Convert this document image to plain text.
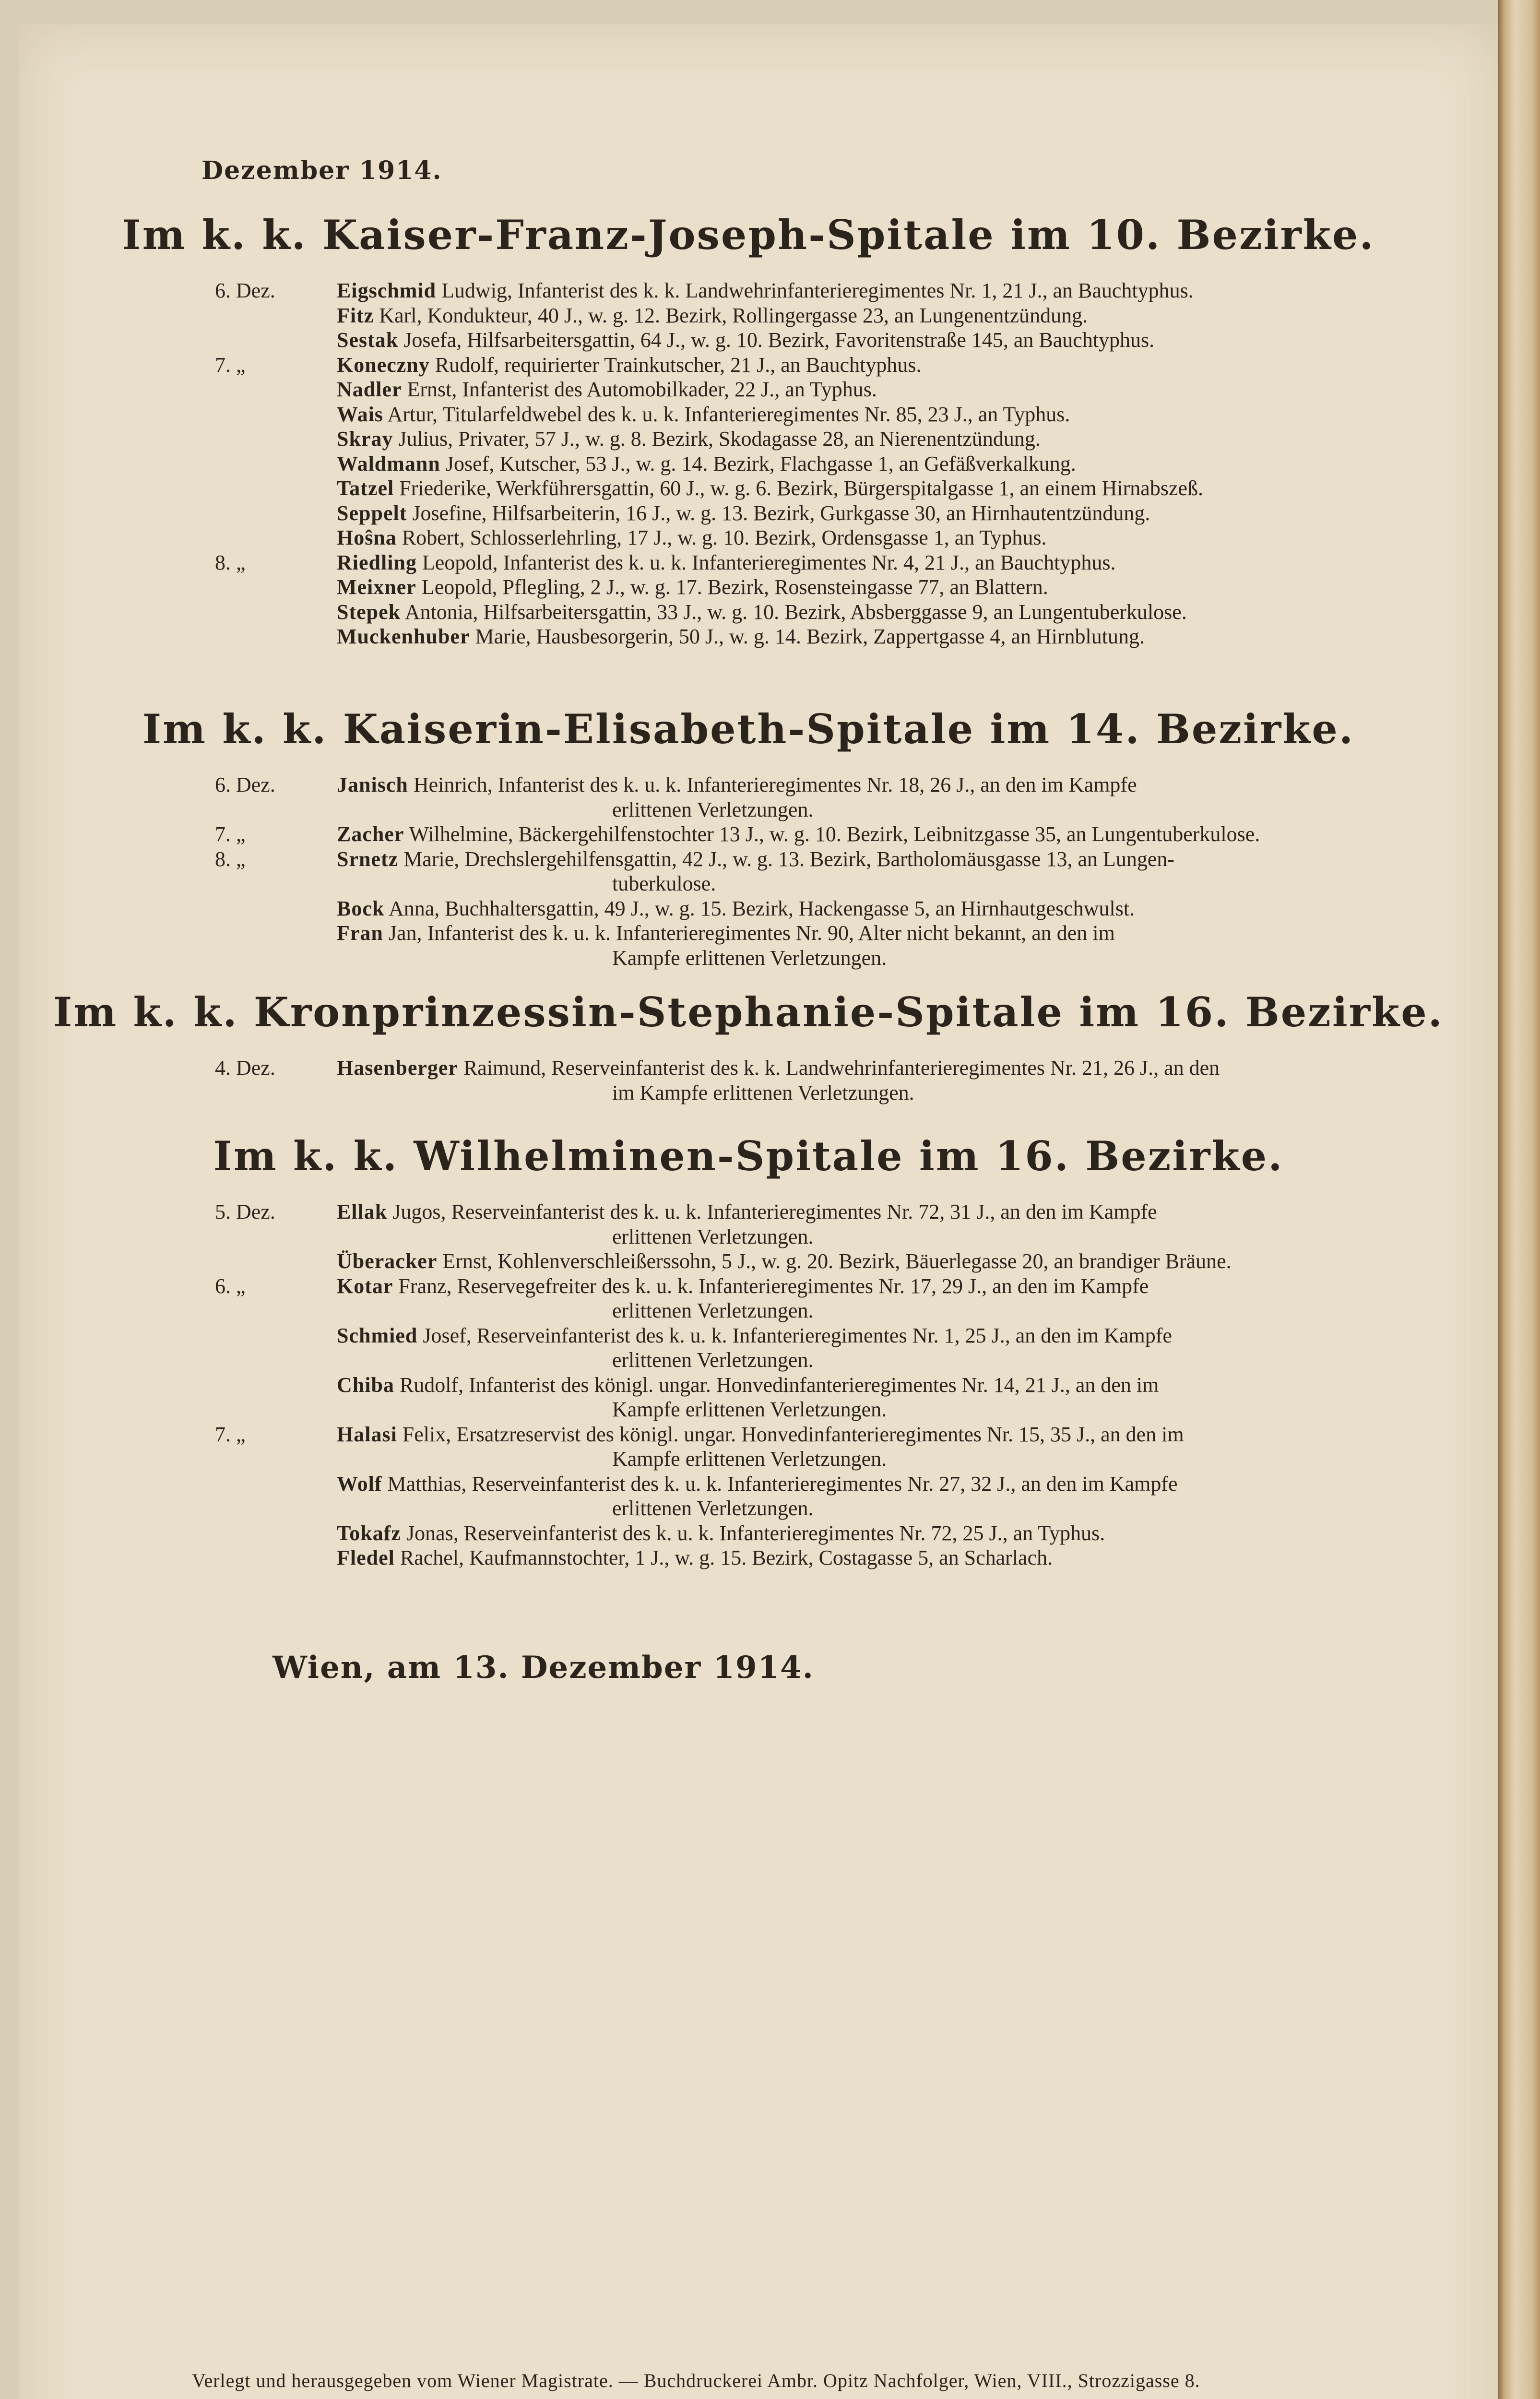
Dezember 1914.
Im k. k. Kaiser-Franz-Joseph-Spitale im 10. Bezirke.
6. Dez.	Eigschmid Ludwig, Infanterist des k. k. Landwehrinfanterieregimentes Nr. 1, 21 J., an Bauchtyphus.
Fitz Karl, Kondukteur, 40 J., w. g. 12. Bezirk, Rollingergasse 23, an Lungenentzündung.
Sestak Josefa, Hilfsarbeitersgattin, 64 J., w. g. 10. Bezirk, Favoritenstraße 145, an Bauchtyphus.
7. „	Koneczny Rudolf, requirierter Trainkutscher, 21 J., an Bauchtyphus.
Nadler Ernst, Infanterist des Automobilkader, 22 J., an Typhus.
Wais Artur, Titularfeldwebel des k. u. k. Infanterieregimentes Nr. 85, 23 J., an Typhus.
Skray Julius, Privater, 57 J., w. g. 8. Bezirk, Skodagasse 28, an Nierenentzündung.
Waldmann Josef, Kutscher, 53 J., w. g. 14. Bezirk, Flachgasse 1, an Gefäßverkalkung.
Tatzel Friederike, Werkführersgattin, 60 J., w. g. 6. Bezirk, Bürgerspitalgasse 1, an einem Hirnabszeß.
Seppelt Josefine, Hilfsarbeiterin, 16 J., w. g. 13. Bezirk, Gurkgasse 30, an Hirnhautentzündung.
Hoŝna Robert, Schlosserlehrling, 17 J., w. g. 10. Bezirk, Ordensgasse 1, an Typhus.
8. „	Riedling Leopold, Infanterist des k. u. k. Infanterieregimentes Nr. 4, 21 J., an Bauchtyphus.
Meixner Leopold, Pflegling, 2 J., w. g. 17. Bezirk, Rosensteingasse 77, an Blattern.
Stepek Antonia, Hilfsarbeitersgattin, 33 J., w. g. 10. Bezirk, Absberggasse 9, an Lungentuberkulose.
Muckenhuber Marie, Hausbesorgerin, 50 J., w. g. 14. Bezirk, Zappertgasse 4, an Hirnblutung.
Im k. k. Kaiserin-Elisabeth-Spitale im 14. Bezirke.
6. Dez.	Janisch Heinrich, Infanterist des k. u. k. Infanterieregimentes Nr. 18, 26 J., an den im Kampfe
erlittenen Verletzungen.
7. „	Zacher Wilhelmine, Bäckergehilfenstochter 13 J., w. g. 10. Bezirk, Leibnitzgasse 35, an Lungentuberkulose.
8. „	Srnetz Marie, Drechslergehilfensgattin, 42 J., w. g. 13. Bezirk, Bartholomäusgasse 13, an Lungen-
tuberkulose.
Bock Anna, Buchhaltersgattin, 49 J., w. g. 15. Bezirk, Hackengasse 5, an Hirnhautgeschwulst.
Fran Jan, Infanterist des k. u. k. Infanterieregimentes Nr. 90, Alter nicht bekannt, an den im
Kampfe erlittenen Verletzungen.
Im k. k. Kronprinzessin-Stephanie-Spitale im 16. Bezirke.
4. Dez.	Hasenberger Raimund, Reserveinfanterist des k. k. Landwehrinfanterieregimentes Nr. 21, 26 J., an den
im Kampfe erlittenen Verletzungen.
Im k. k. Wilhelminen-Spitale im 16. Bezirke.
5. Dez.	Ellak Jugos, Reserveinfanterist des k. u. k. Infanterieregimentes Nr. 72, 31 J., an den im Kampfe
erlittenen Verletzungen.
Überacker Ernst, Kohlenverschleißerssohn, 5 J., w. g. 20. Bezirk, Bäuerlegasse 20, an brandiger Bräune.
6. „	Kotar Franz, Reservegefreiter des k. u. k. Infanterieregimentes Nr. 17, 29 J., an den im Kampfe
erlittenen Verletzungen.
Schmied Josef, Reserveinfanterist des k. u. k. Infanterieregimentes Nr. 1, 25 J., an den im Kampfe
erlittenen Verletzungen.
Chiba Rudolf, Infanterist des königl. ungar. Honvedinfanterieregimentes Nr. 14, 21 J., an den im
Kampfe erlittenen Verletzungen.
7. „	Halasi Felix, Ersatzreservist des königl. ungar. Honvedinfanterieregimentes Nr. 15, 35 J., an den im
Kampfe erlittenen Verletzungen.
Wolf Matthias, Reserveinfanterist des k. u. k. Infanterieregimentes Nr. 27, 32 J., an den im Kampfe
erlittenen Verletzungen.
Tokafz Jonas, Reserveinfanterist des k. u. k. Infanterieregimentes Nr. 72, 25 J., an Typhus.
Fledel Rachel, Kaufmannstochter, 1 J., w. g. 15. Bezirk, Costagasse 5, an Scharlach.
Wien, am 13. Dezember 1914.
Verlegt und herausgegeben vom Wiener Magistrate. — Buchdruckerei Ambr. Opitz Nachfolger, Wien, VIII., Strozzigasse 8.
